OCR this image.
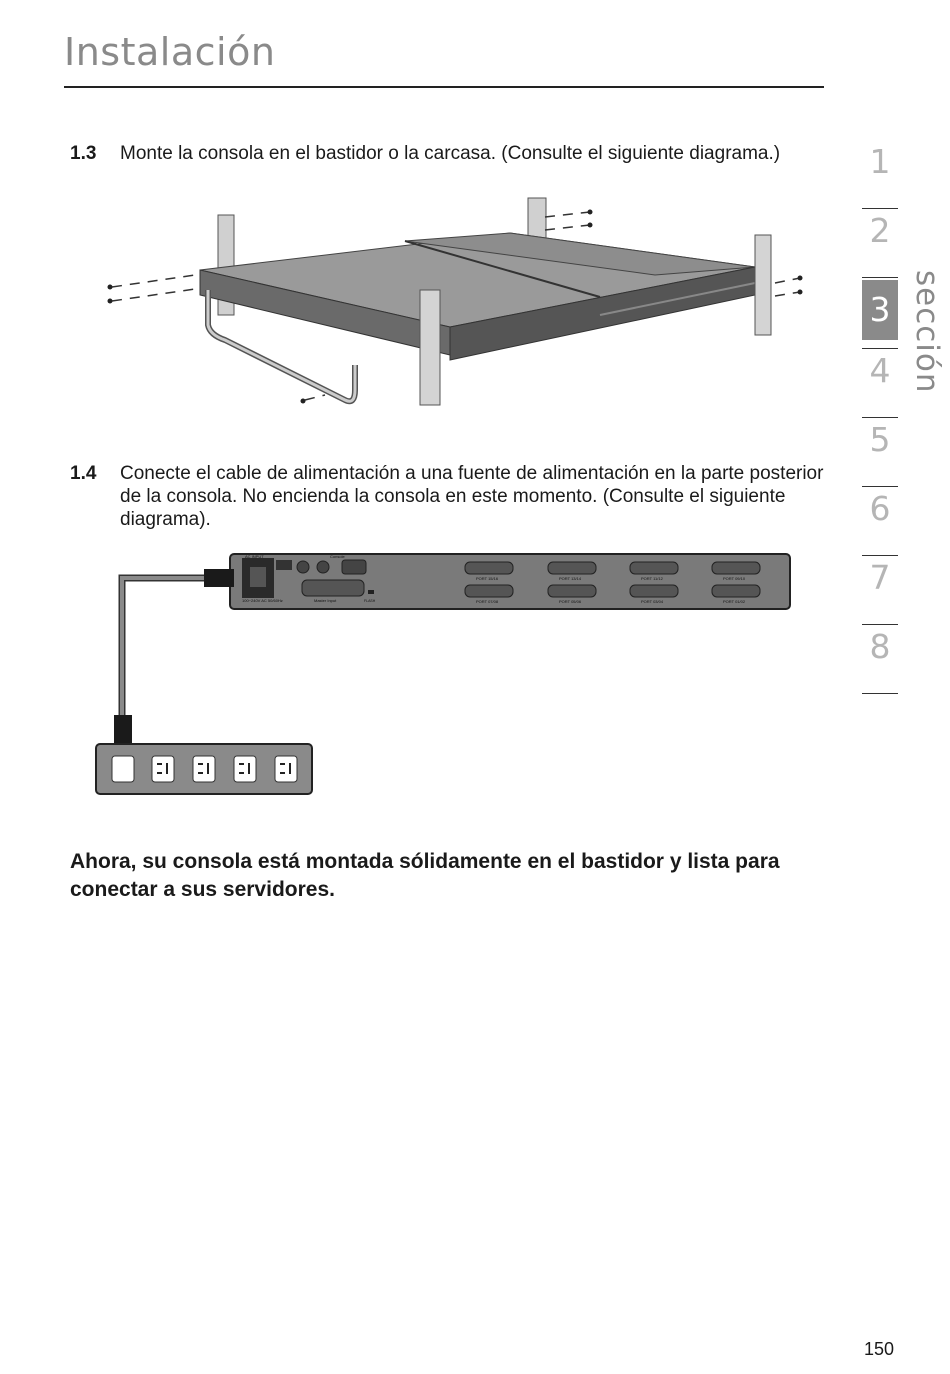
Instalación
1.3 Monte la consola en el bastidor o la carcasa. (Consulte el siguiente diagrama.)
1.4 Conecte el cable de alimentación a una fuente de alimentación en la parte posterior de la consola. No encienda la consola en este momento. (Consulte el siguiente diagrama).
AC INPUT
100~240V AC 50/60Hz
Console
Master Input	FLASH
PORT 15/16	PORT 13/14	PORT 11/12	PORT 09/10
PORT 07/08	PORT 05/06	PORT 03/04	PORT 01/02
Ahora, su consola está montada sólidamente en el bastidor y lista para conectar a sus servidores.
1
2
3
4
5
6
7
8
sección
150
